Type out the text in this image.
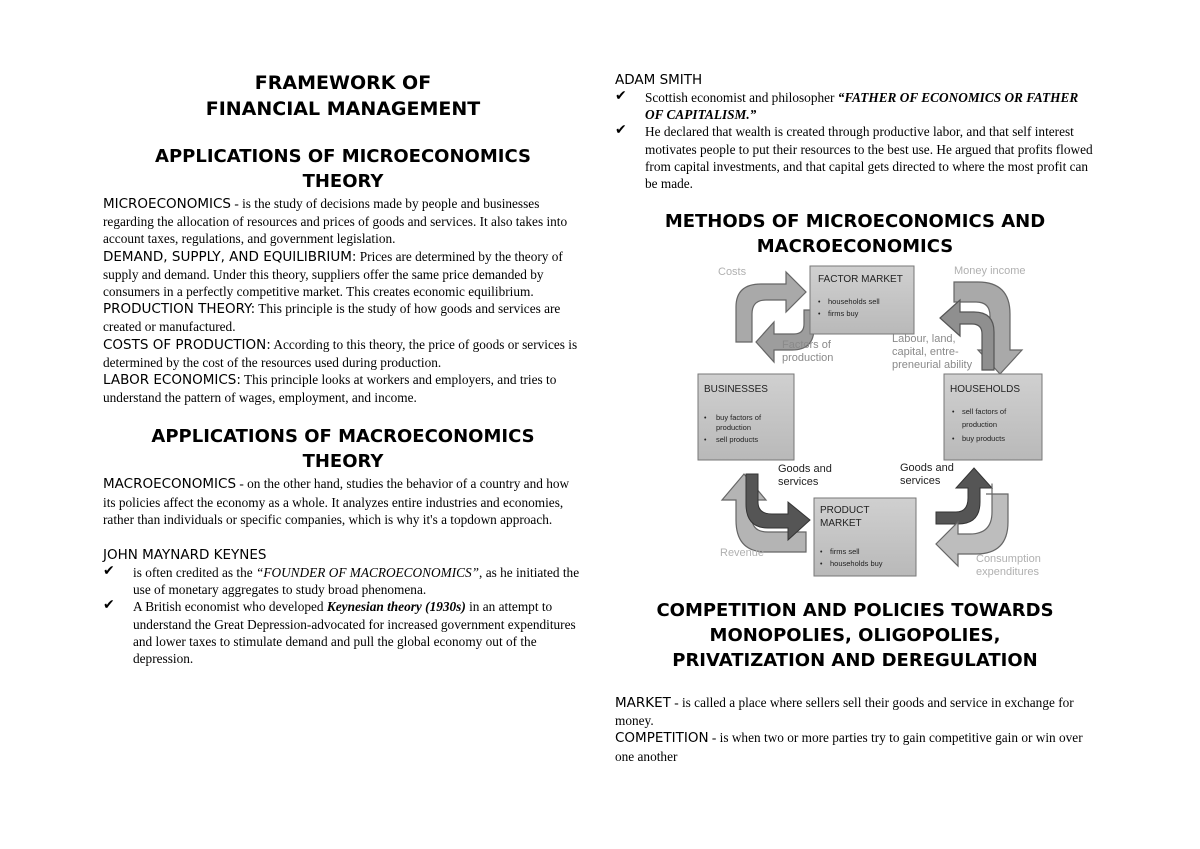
FRAMEWORK OF
FINANCIAL MANAGEMENT

APPLICATIONS OF MICROECONOMICS
THEORY

MICROECONOMICS - is the study of decisions made by people and businesses regarding the allocation of resources and prices of goods and services. It also takes into account taxes, regulations, and government legislation.

DEMAND, SUPPLY, AND EQUILIBRIUM: Prices are determined by the theory of supply and demand. Under this theory, suppliers offer the same price demanded by consumers in a perfectly competitive market. This creates economic equilibrium.

PRODUCTION THEORY: This principle is the study of how goods and services are created or manufactured.

COSTS OF PRODUCTION: According to this theory, the price of goods or services is determined by the cost of the resources used during production.

LABOR ECONOMICS: This principle looks at workers and employers, and tries to understand the pattern of wages, employment, and income.

APPLICATIONS OF MACROECONOMICS
THEORY

MACROECONOMICS - on the other hand, studies the behavior of a country and how its policies affect the economy as a whole. It analyzes entire industries and economies, rather than individuals or specific companies, which is why it's a topdown approach.

JOHN MAYNARD KEYNES

✔ is often credited as the “FOUNDER OF MACROECONOMICS”, as he initiated the use of monetary aggregates to study broad phenomena.
✔ A British economist who developed Keynesian theory (1930s) in an attempt to understand the Great Depression-advocated for increased government expenditures and lower taxes to stimulate demand and pull the global economy out of the depression.

ADAM SMITH

✔ Scottish economist and philosopher “FATHER OF ECONOMICS OR FATHER OF CAPITALISM.”
✔ He declared that wealth is created through productive labor, and that self interest motivates people to put their resources to the best use. He argued that profits flowed from capital investments, and that capital gets directed to where the most profit can be made.

METHODS OF MICROECONOMICS AND
MACROECONOMICS

FACTOR MARKET
• households sell
• firms buy
BUSINESSES
• buy factors of
production
• sell products
HOUSEHOLDS
• sell factors of
production
• buy products
PRODUCT
MARKET
• firms sell
• households buy
Costs	Money income
Factors of
production
Labour, land,
capital, entre-
preneurial ability
Goods and
services
Goods and
services
Revenue	Consumption
expenditures

COMPETITION AND POLICIES TOWARDS
MONOPOLIES, OLIGOPOLIES,
PRIVATIZATION AND DEREGULATION

MARKET - is called a place where sellers sell their goods and service in exchange for money.

COMPETITION - is when two or more parties try to gain competitive gain or win over one another
